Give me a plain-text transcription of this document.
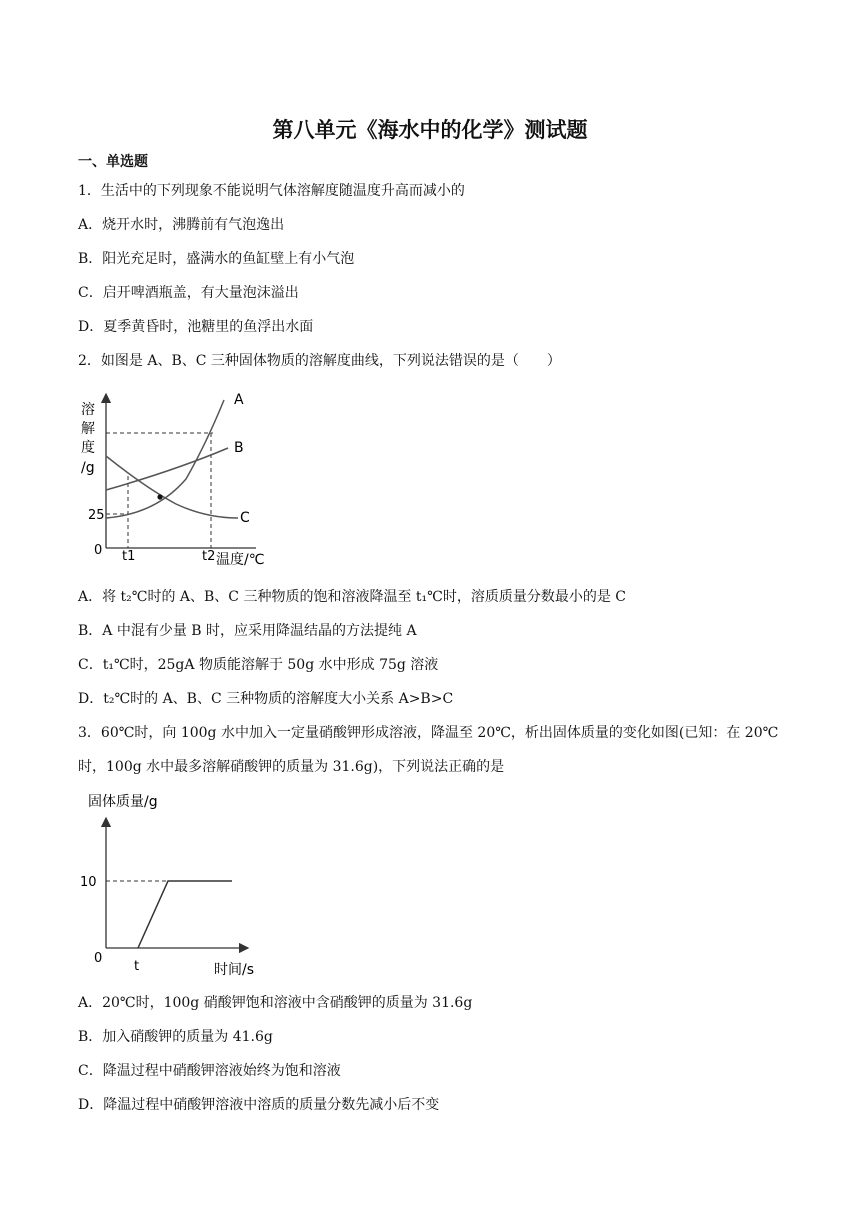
第八单元《海水中的化学》测试题
一、单选题
1．生活中的下列现象不能说明气体溶解度随温度升高而减小的
A．烧开水时，沸腾前有气泡逸出
B．阳光充足时，盛满水的鱼缸壁上有小气泡
C．启开啤酒瓶盖，有大量泡沫溢出
D．夏季黄昏时，池糖里的鱼浮出水面
2．如图是 A、B、C 三种固体物质的溶解度曲线，下列说法错误的是（　　）
溶
解
度
/g
25
0 t1	t2 温度/℃
A
B
C
A．将 t₂℃时的 A、B、C 三种物质的饱和溶液降温至 t₁℃时，溶质质量分数最小的是 C
B．A 中混有少量 B 时，应采用降温结晶的方法提纯 A
C．t₁℃时，25gA 物质能溶解于 50g 水中形成 75g 溶液
D．t₂℃时的 A、B、C 三种物质的溶解度大小关系 A>B>C
3．60℃时，向 100g 水中加入一定量硝酸钾形成溶液，降温至 20℃，析出固体质量的变化如图(已知：在 20℃
时，100g 水中最多溶解硝酸钾的质量为 31.6g)，下列说法正确的是
固体质量/g
10
0
t	时间/s
A．20℃时，100g 硝酸钾饱和溶液中含硝酸钾的质量为 31.6g
B．加入硝酸钾的质量为 41.6g
C．降温过程中硝酸钾溶液始终为饱和溶液
D．降温过程中硝酸钾溶液中溶质的质量分数先减小后不变
